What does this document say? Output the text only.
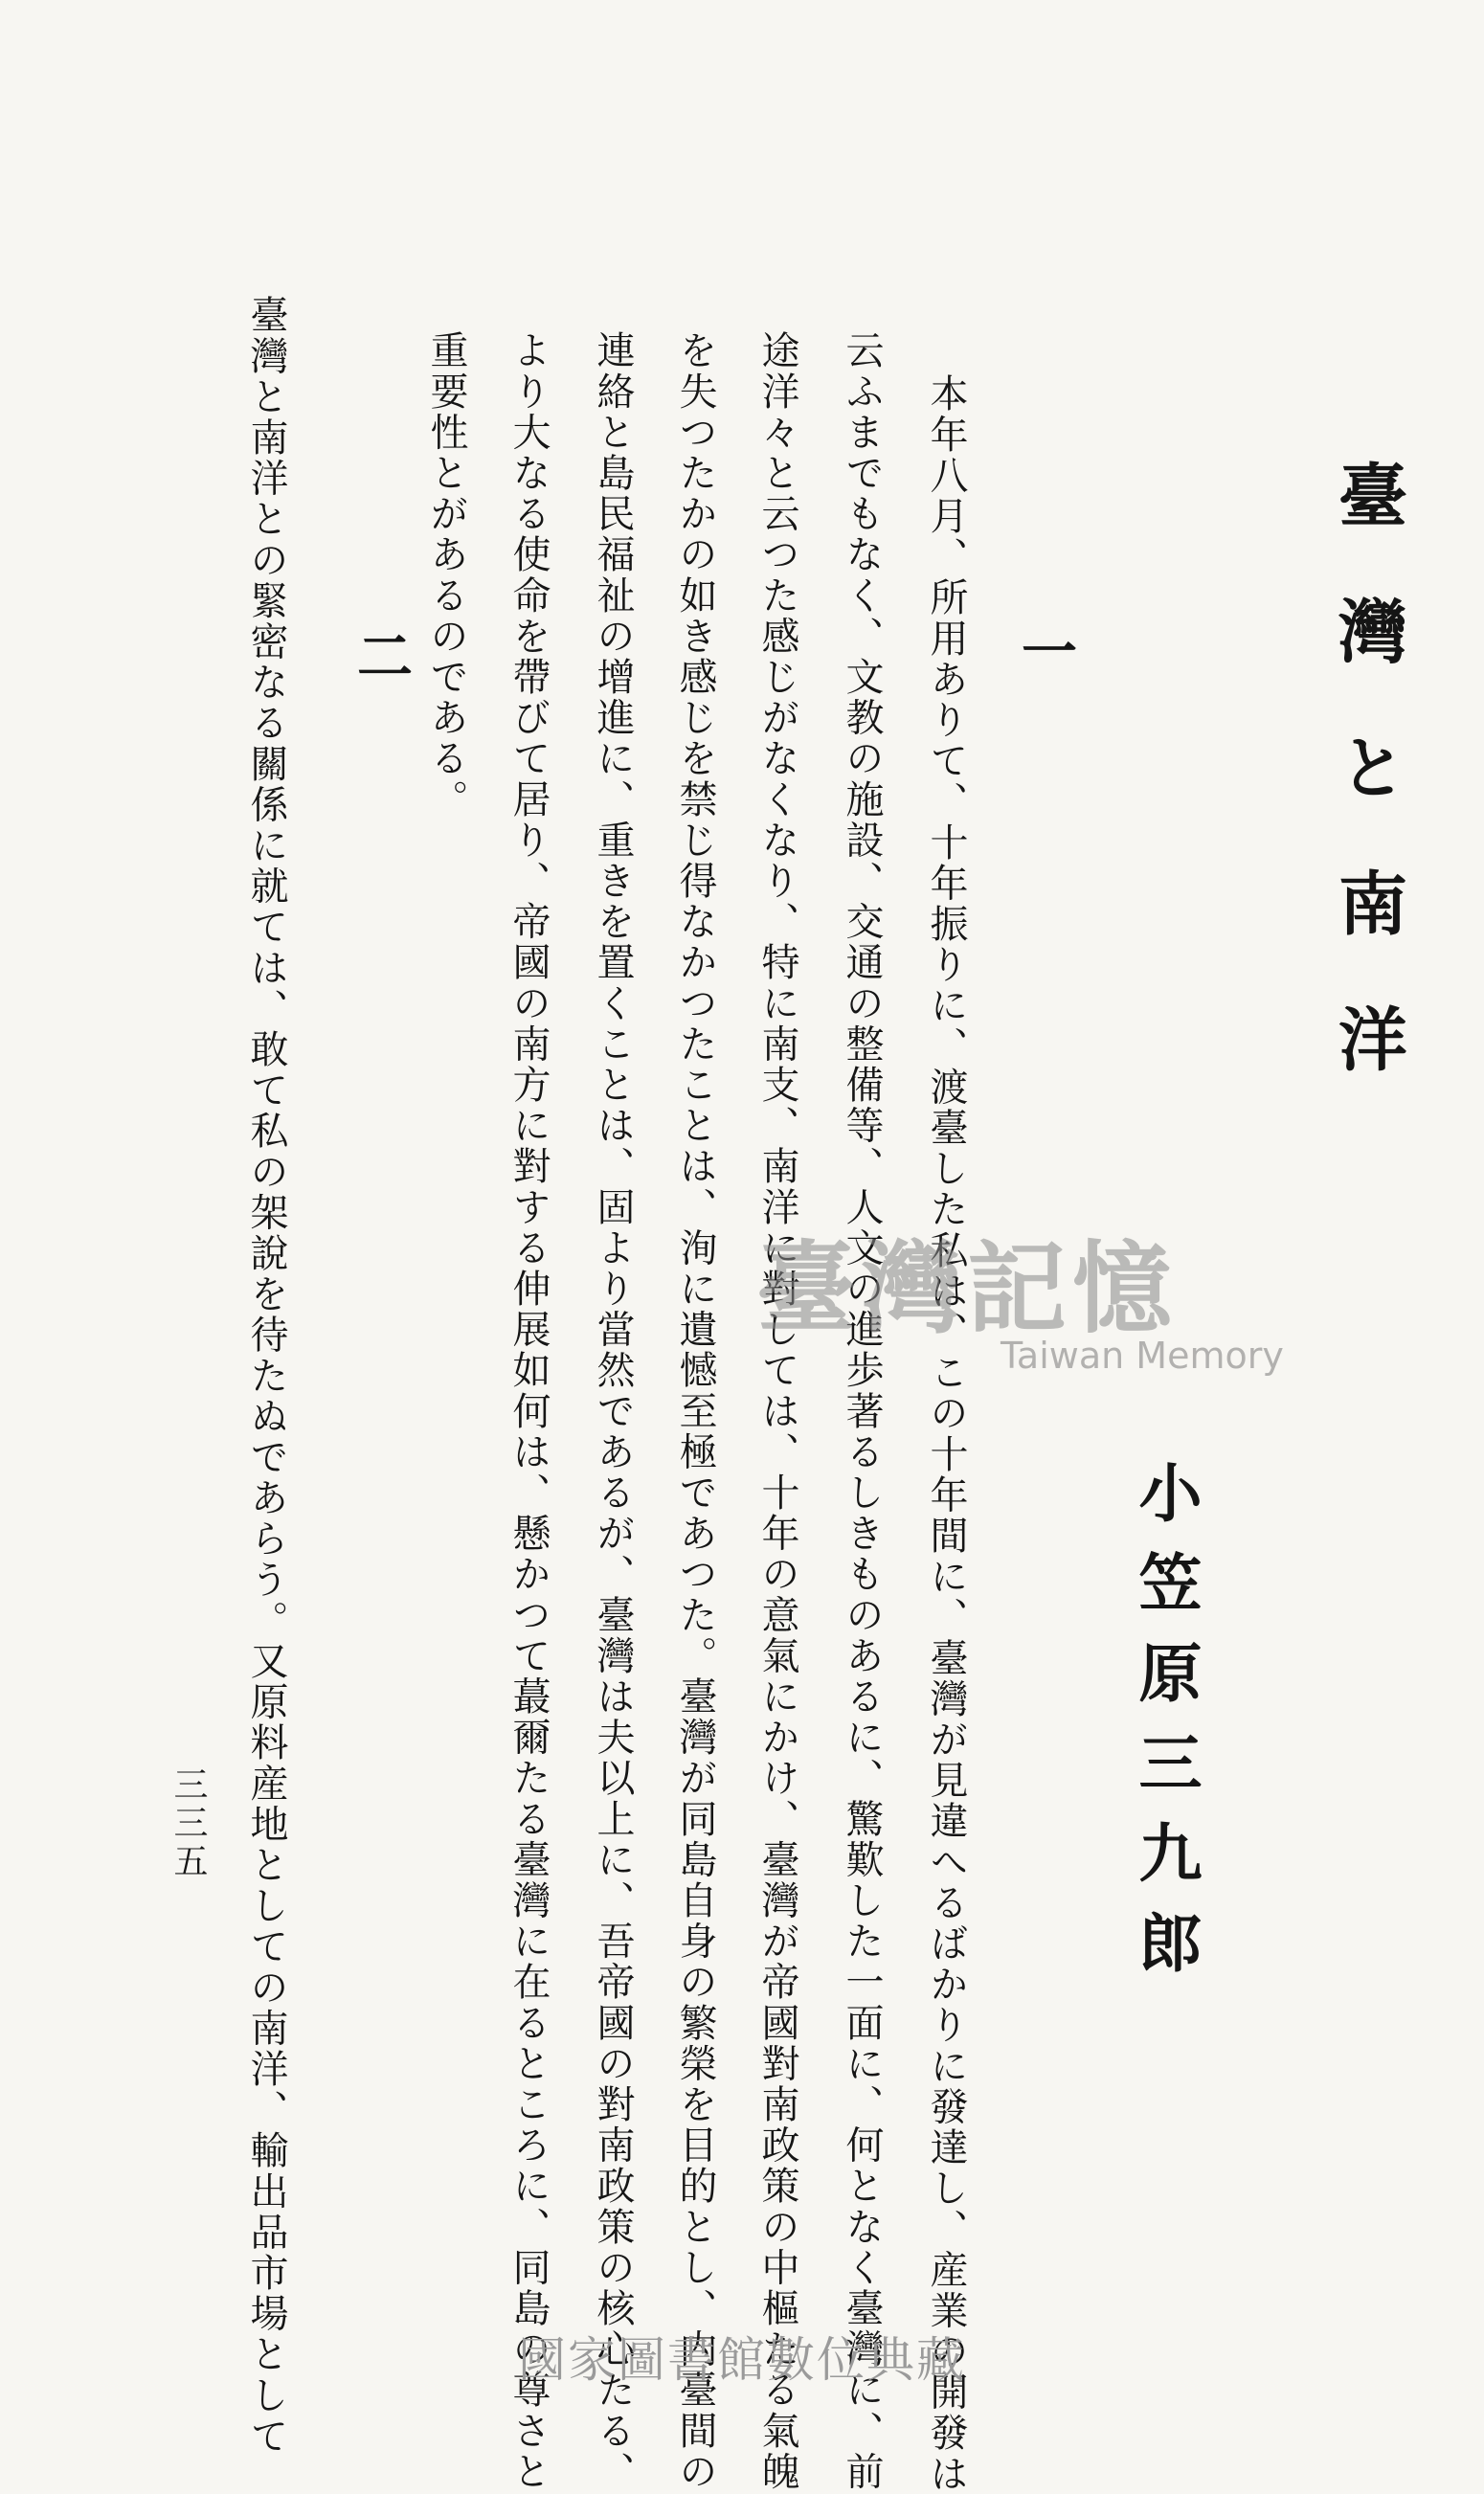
臺灣と南洋
小笠原三九郎
一
本年八月、所用ありて、十年振りに、渡臺した私は、この十年間に、臺灣が見違へるばかりに發達し、産業の開發は
云ふまでもなく、文教の施設、交通の整備等、人文の進歩著るしきものあるに、驚歎した一面に、何となく臺灣に、前
途洋々と云つた感じがなくなり、特に南支、南洋に對しては、十年の意氣にかけ、臺灣が帝國對南政策の中樞たる氣魄
を失つたかの如き感じを禁じ得なかつたことは、洵に遺憾至極であつた。臺灣が同島自身の繁榮を目的とし、内臺間の
連絡と島民福祉の增進に、重きを置くことは、固より當然であるが、臺灣は夫以上に、吾帝國の對南政策の核心たる、
より大なる使命を帶びて居り、帝國の南方に對する伸展如何は、懸かつて蕞爾たる臺灣に在るところに、同島の尊さと
重要性とがあるのである。
二
臺灣と南洋との緊密なる關係に就ては、敢て私の架說を待たぬであらう。又原料産地としての南洋、輸出品市場として
三三五
臺灣記憶
Taiwan Memory
國家圖書館數位典藏
